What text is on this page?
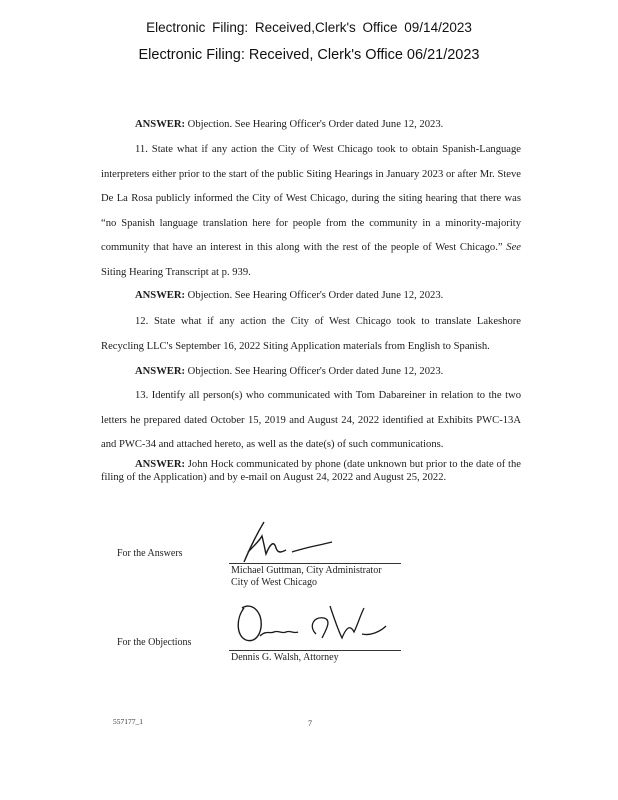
Electronic Filing: Received,Clerk's Office 09/14/2023
Electronic Filing: Received, Clerk's Office 06/21/2023

ANSWER: Objection. See Hearing Officer's Order dated June 12, 2023.

11. State what if any action the City of West Chicago took to obtain Spanish-Language interpreters either prior to the start of the public Siting Hearings in January 2023 or after Mr. Steve De La Rosa publicly informed the City of West Chicago, during the siting hearing that there was “no Spanish language translation here for people from the community in a minority-majority community that have an interest in this along with the rest of the people of West Chicago.” See Siting Hearing Transcript at p. 939.

ANSWER: Objection. See Hearing Officer's Order dated June 12, 2023.

12. State what if any action the City of West Chicago took to translate Lakeshore Recycling LLC's September 16, 2022 Siting Application materials from English to Spanish.

ANSWER: Objection. See Hearing Officer's Order dated June 12, 2023.

13. Identify all person(s) who communicated with Tom Dabareiner in relation to the two letters he prepared dated October 15, 2019 and August 24, 2022 identified at Exhibits PWC-13A and PWC-34 and attached hereto, as well as the date(s) of such communications.

ANSWER: John Hock communicated by phone (date unknown but prior to the date of the filing of the Application) and by e-mail on August 24, 2022 and August 25, 2022.

For the Answers
Michael Guttman, City Administrator
City of West Chicago
For the Objections
Dennis G. Walsh, Attorney
557177_1	7
